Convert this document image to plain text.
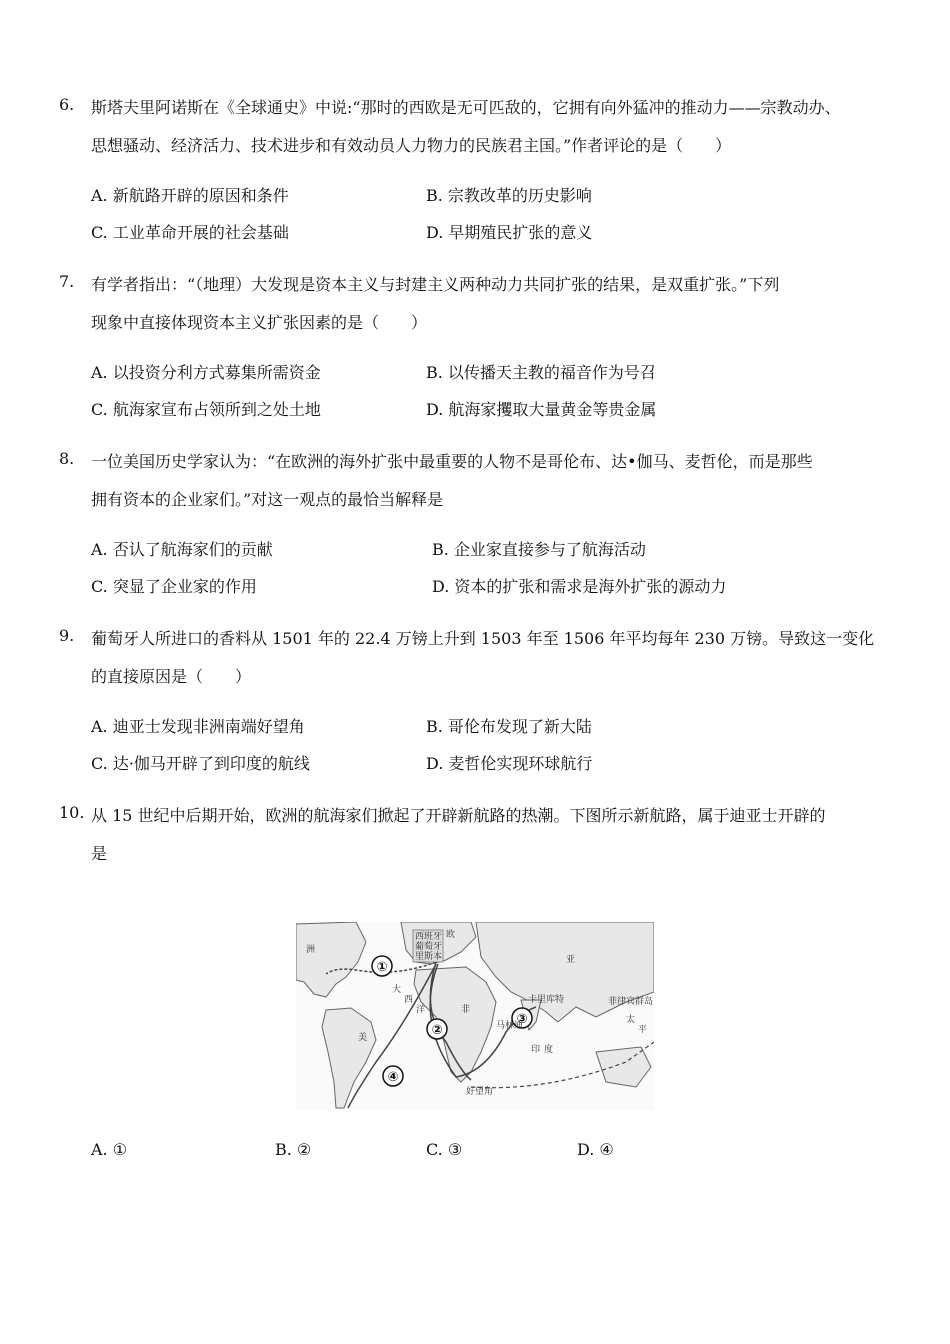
6. 斯塔夫里阿诺斯在《全球通史》中说:“那时的西欧是无可匹敌的，它拥有向外猛冲的推动力——宗教动办、
思想骚动、经济活力、技术进步和有效动员人力物力的民族君主国。”作者评论的是（　　）
A. 新航路开辟的原因和条件	B. 宗教改革的历史影响
C. 工业革命开展的社会基础	D. 早期殖民扩张的意义
7. 有学者指出：“（地理）大发现是资本主义与封建主义两种动力共同扩张的结果，是双重扩张。”下列
现象中直接体现资本主义扩张因素的是（　　）
A. 以投资分利方式募集所需资金	B. 以传播天主教的福音作为号召
C. 航海家宣布占领所到之处土地	D. 航海家攫取大量黄金等贵金属
8. 一位美国历史学家认为：“在欧洲的海外扩张中最重要的人物不是哥伦布、达•伽马、麦哲伦，而是那些
拥有资本的企业家们。”对这一观点的最恰当解释是
A. 否认了航海家们的贡献	B. 企业家直接参与了航海活动
C. 突显了企业家的作用	D. 资本的扩张和需求是海外扩张的源动力
9. 葡萄牙人所进口的香料从 1501 年的 22.4 万镑上升到 1503 年至 1506 年平均每年 230 万镑。导致这一变化
的直接原因是（　　）
A. 迪亚士发现非洲南端好望角	B. 哥伦布发现了新大陆
C. 达·伽马开辟了到印度的航线	D. 麦哲伦实现环球航行
10. 从 15 世纪中后期开始，欧洲的航海家们掀起了开辟新航路的热潮。下图所示新航路，属于迪亚士开辟的
是
①
②
③
④
西班牙
葡萄牙
里斯本
好望角
马林迪
卡里库特	菲律宾群岛
洲
美
大
西
洋	非
亚
印 度
太
平
欧
A. ①	B. ②	C. ③	D. ④
